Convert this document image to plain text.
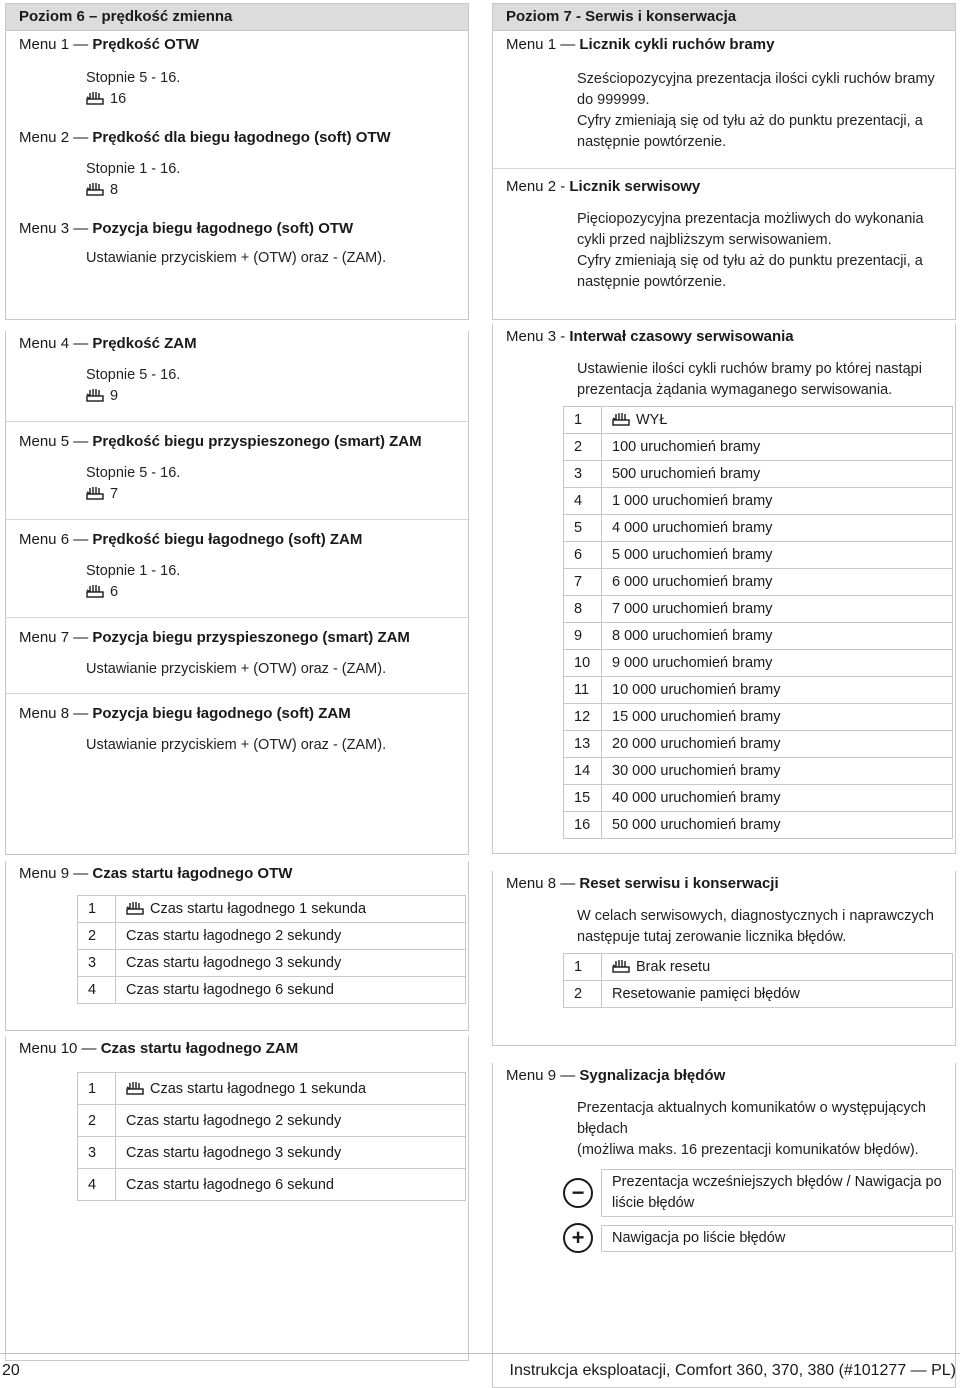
Poziom 6 – prędkość zmienna
Menu 1 — Prędkość OTW
Stopnie 5 - 16.
16
Menu 2 — Prędkość dla biegu łagodnego (soft) OTW
Stopnie 1 - 16.
8
Menu 3 — Pozycja biegu łagodnego (soft) OTW
Ustawianie przyciskiem + (OTW) oraz - (ZAM).
Menu 4 — Prędkość ZAM
Stopnie 5 - 16.
9
Menu 5 — Prędkość biegu przyspieszonego (smart) ZAM
Stopnie 5 - 16.
7
Menu 6 — Prędkość biegu łagodnego (soft) ZAM
Stopnie 1 - 16.
6
Menu 7 — Pozycja biegu przyspieszonego (smart) ZAM
Ustawianie przyciskiem + (OTW) oraz - (ZAM).
Menu 8 — Pozycja biegu łagodnego (soft) ZAM
Ustawianie przyciskiem + (OTW) oraz - (ZAM).
Menu 9 — Czas startu łagodnego OTW
1	Czas startu łagodnego 1 sekunda
2	Czas startu łagodnego 2 sekundy
3	Czas startu łagodnego 3 sekundy
4	Czas startu łagodnego 6 sekund
Menu 10 — Czas startu łagodnego ZAM
1	Czas startu łagodnego 1 sekunda
2	Czas startu łagodnego 2 sekundy
3	Czas startu łagodnego 3 sekundy
4	Czas startu łagodnego 6 sekund
Poziom 7 - Serwis i konserwacja
Menu 1 — Licznik cykli ruchów bramy
Sześciopozycyjna prezentacja ilości cykli ruchów bramy do 999999.
Cyfry zmieniają się od tyłu aż do punktu prezentacji, a następnie powtórzenie.
Menu 2 - Licznik serwisowy
Pięciopozycyjna prezentacja możliwych do wykonania cykli przed najbliższym serwisowaniem.
Cyfry zmieniają się od tyłu aż do punktu prezentacji, a następnie powtórzenie.
Menu 3 - Interwał czasowy serwisowania
Ustawienie ilości cykli ruchów bramy po której nastąpi prezentacja żądania wymaganego serwisowania.
1	WYŁ
2	100 uruchomień bramy
3	500 uruchomień bramy
4	1 000 uruchomień bramy
5	4 000 uruchomień bramy
6	5 000 uruchomień bramy
7	6 000 uruchomień bramy
8	7 000 uruchomień bramy
9	8 000 uruchomień bramy
10	9 000 uruchomień bramy
11	10 000 uruchomień bramy
12	15 000 uruchomień bramy
13	20 000 uruchomień bramy
14	30 000 uruchomień bramy
15	40 000 uruchomień bramy
16	50 000 uruchomień bramy
Menu 8 — Reset serwisu i konserwacji
W celach serwisowych, diagnostycznych i naprawczych następuje tutaj zerowanie licznika błędów.
1	Brak resetu
2	Resetowanie pamięci błędów
Menu 9 — Sygnalizacja błędów
Prezentacja aktualnych komunikatów o występujących błędach
(możliwa maks. 16 prezentacji komunikatów błędów).
−	Prezentacja wcześniejszych błędów / Nawigacja po liście błędów
+	Nawigacja po liście błędów
20	Instrukcja eksploatacji, Comfort 360, 370, 380 (#101277 — PL)
